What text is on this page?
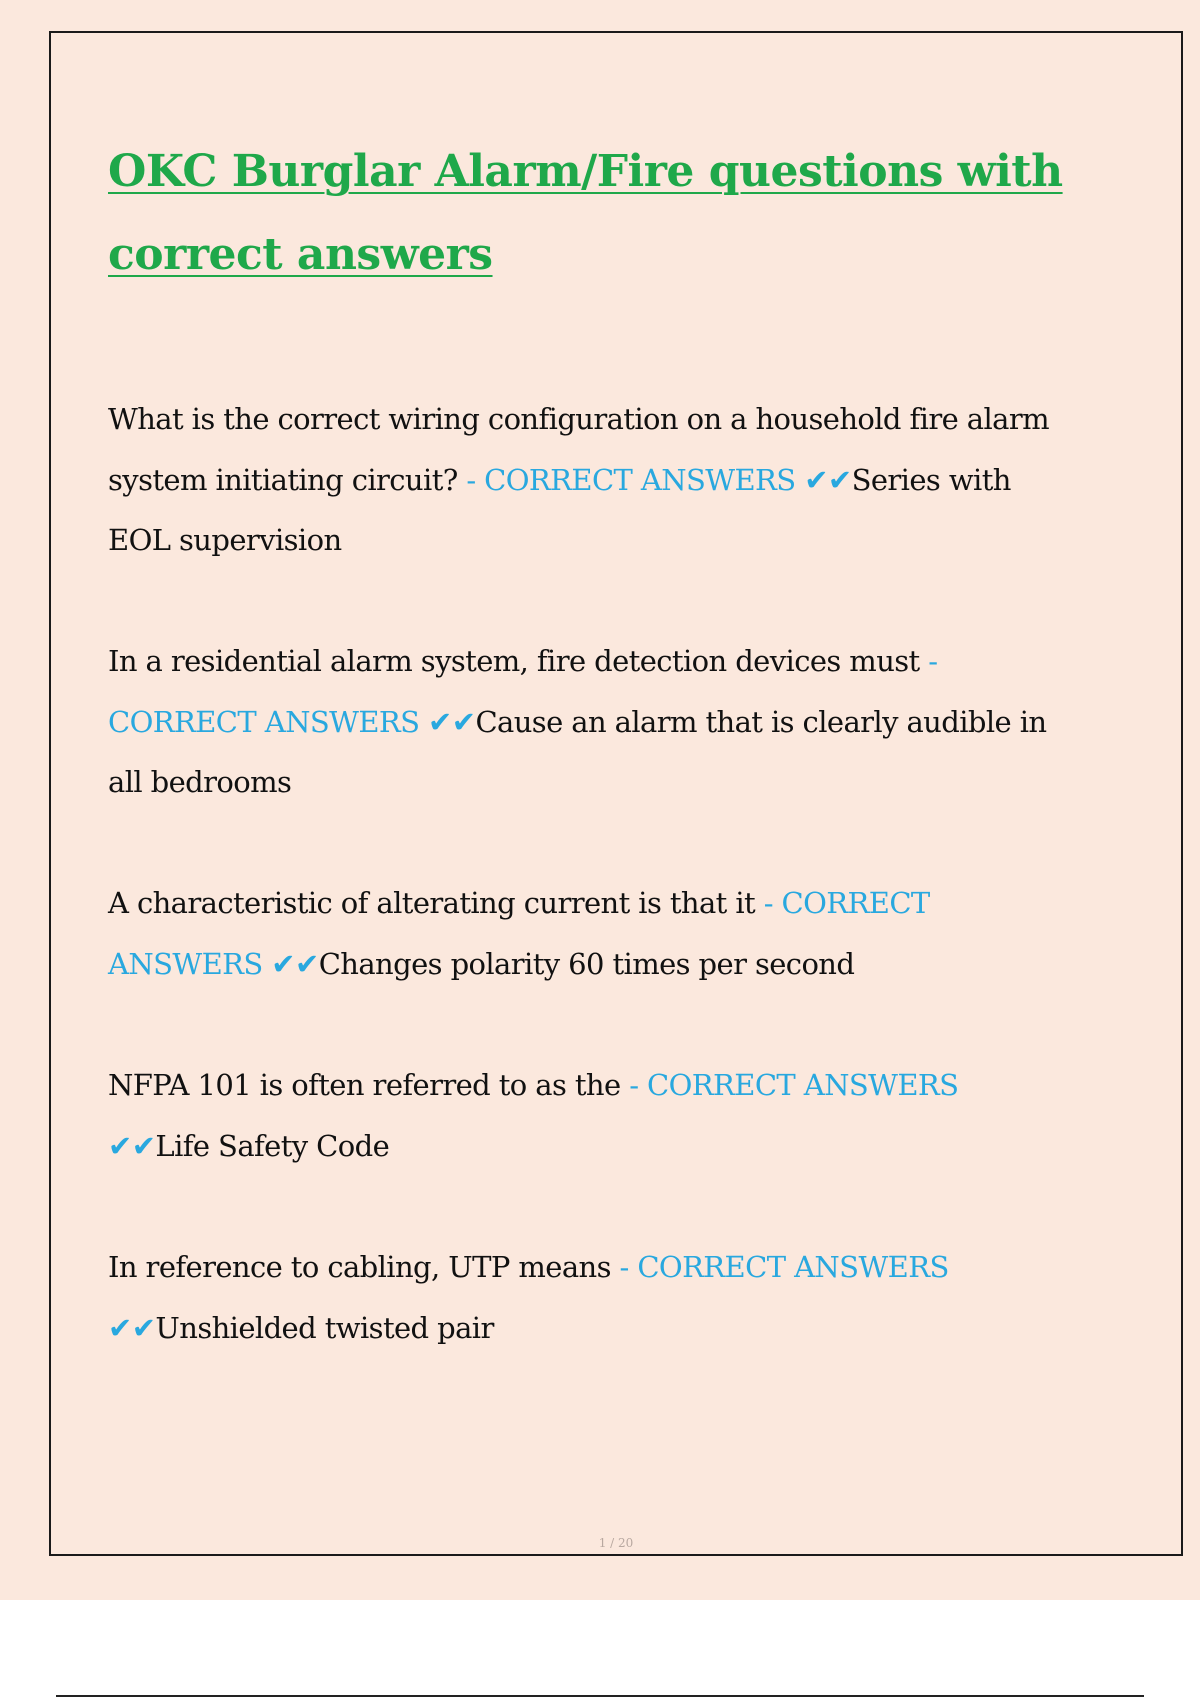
OKC Burglar Alarm/Fire questions with correct answers

What is the correct wiring configuration on a household fire alarm system initiating circuit? - CORRECT ANSWERS ✔✔Series with EOL supervision

In a residential alarm system, fire detection devices must - CORRECT ANSWERS ✔✔Cause an alarm that is clearly audible in all bedrooms

A characteristic of alterating current is that it - CORRECT ANSWERS ✔✔Changes polarity 60 times per second

NFPA 101 is often referred to as the - CORRECT ANSWERS ✔✔Life Safety Code

In reference to cabling, UTP means - CORRECT ANSWERS ✔✔Unshielded twisted pair

1 / 20
